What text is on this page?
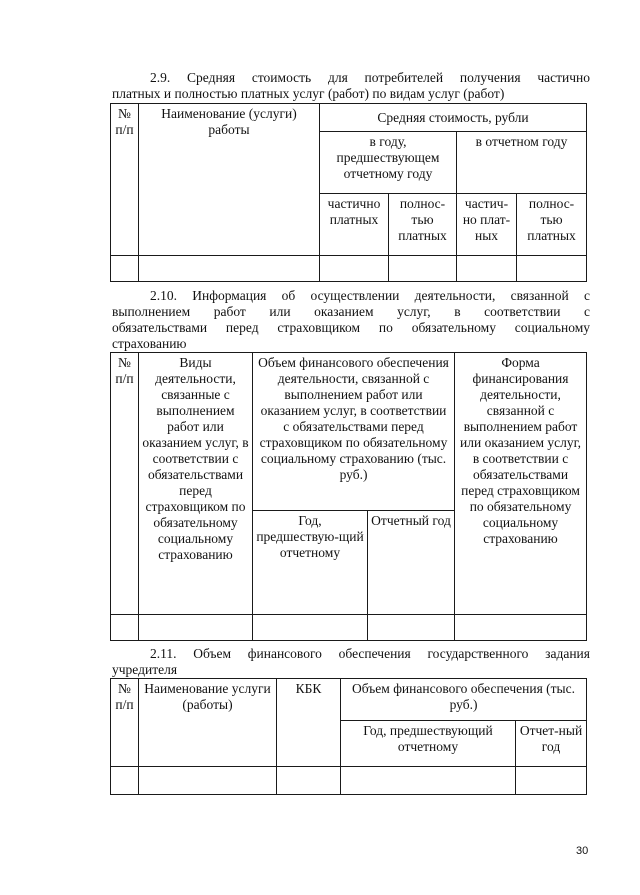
2.9. Средняя стоимость для потребителей получения частично
платных и полностью платных услуг (работ) по видам услуг (работ)
№ п/п	Наименование (услуги) работы	Средняя стоимость, рубли			
		в году, предшествующем отчетному году		в отчетном году	
		частично платных	полнос-тью платных	частич-но плат-ных	полнос-тью платных

2.10. Информация об осуществлении деятельности, связанной с
выполнением работ или оказанием услуг, в соответствии с
обязательствами перед страховщиком по обязательному социальному
страхованию
№ п/п	Виды деятельности, связанные с выполнением работ или оказанием услуг, в соответствии с обязательствами перед страховщиком по обязательному социальному страхованию	Объем финансового обеспечения деятельности, связанной с выполнением работ или оказанием услуг, в соответствии с обязательствами перед страховщиком по обязательному социальному страхованию (тыс. руб.)		Форма финансирования деятельности, связанной с выполнением работ или оказанием услуг, в соответствии с обязательствами перед страховщиком по обязательному социальному страхованию
		Год, предшествую-щий отчетному	Отчетный год	

2.11. Объем финансового обеспечения государственного задания
учредителя
№ п/п	Наименование услуги (работы)	КБК	Объем финансового обеспечения (тыс. руб.)	
			Год, предшествующий отчетному	Отчет-ный год

30
